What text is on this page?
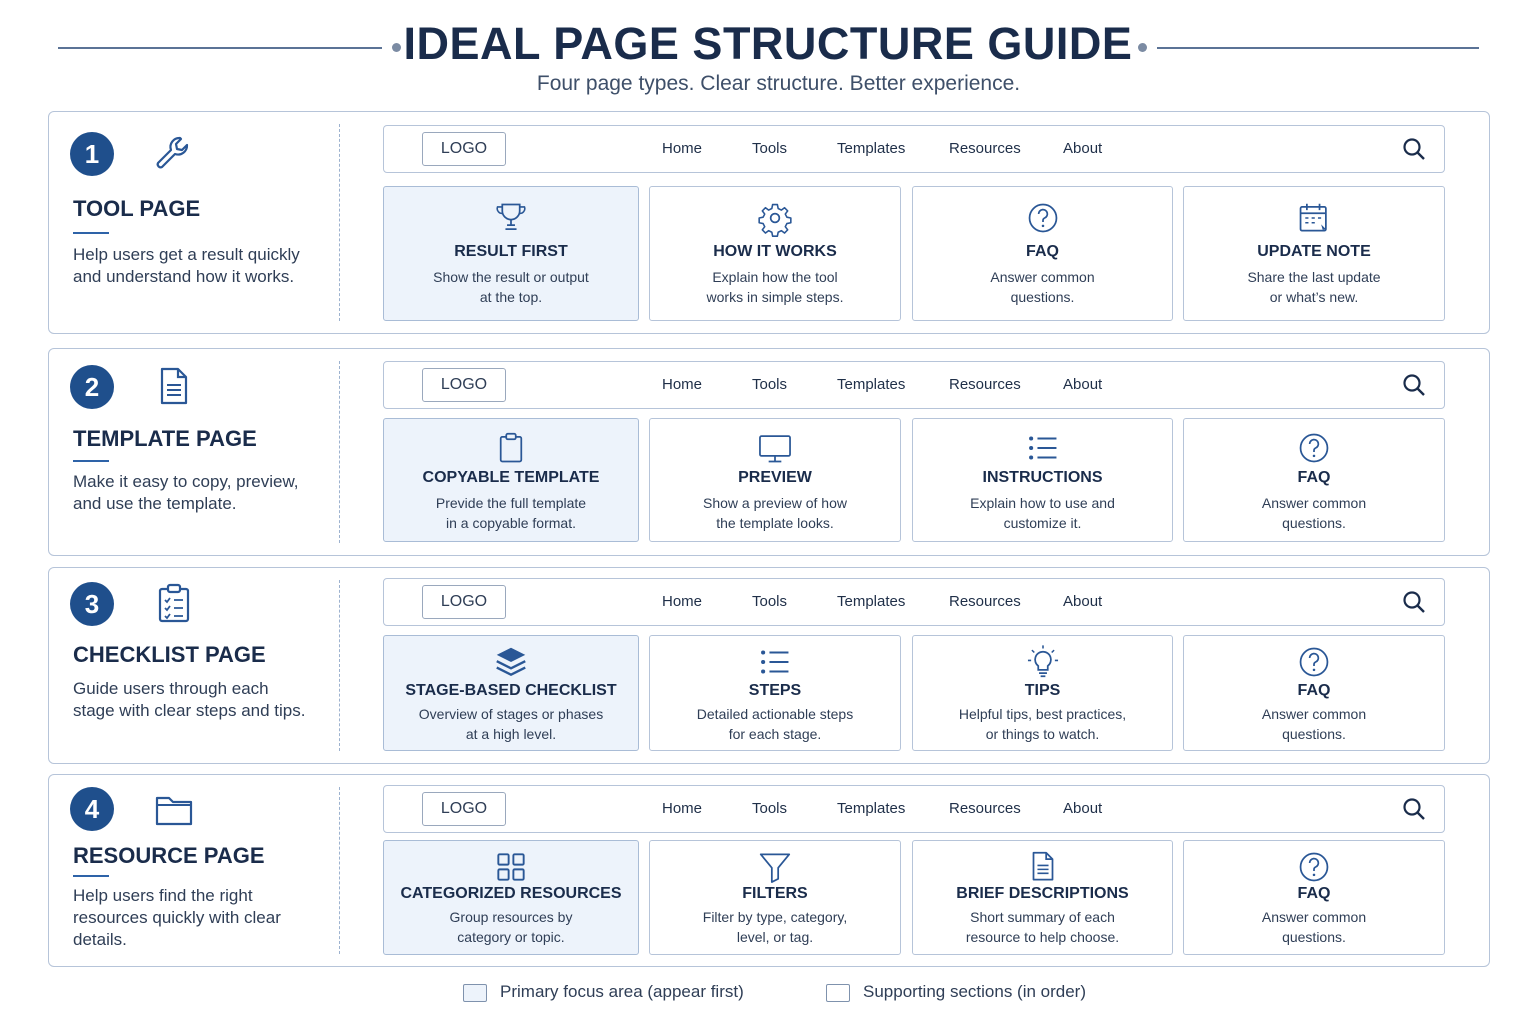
IDEAL PAGE STRUCTURE GUIDE
Four page types. Clear structure. Better experience.
1
TOOL PAGE
Help users get a result quickly and understand how it works.
LOGO	Home	Tools	Templates	Resources	About
RESULT FIRST
Show the result or output
at the top.
HOW IT WORKS
Explain how the tool
works in simple steps.
FAQ
Answer common
questions.
UPDATE NOTE
Share the last update
or what’s new.
2
TEMPLATE PAGE
Make it easy to copy, preview, and use the template.
LOGO	Home	Tools	Templates	Resources	About
COPYABLE TEMPLATE
Previde the full template
in a copyable format.
PREVIEW
Show a preview of how
the template looks.
INSTRUCTIONS
Explain how to use and
customize it.
FAQ
Answer common
questions.
3
CHECKLIST PAGE
Guide users through each stage with clear steps and tips.
LOGO	Home	Tools	Templates	Resources	About
STAGE-BASED CHECKLIST
Overview of stages or phases
at a high level.
STEPS
Detailed actionable steps
for each stage.
TIPS
Helpful tips, best practices,
or things to watch.
FAQ
Answer common
questions.
4
RESOURCE PAGE
Help users find the right resources quickly with clear details.
LOGO	Home	Tools	Templates	Resources	About
CATEGORIZED RESOURCES
Group resources by
category or topic.
FILTERS
Filter by type, category,
level, or tag.
BRIEF DESCRIPTIONS
Short summary of each
resource to help choose.
FAQ
Answer common
questions.
Primary focus area (appear first)	Supporting sections (in order)
